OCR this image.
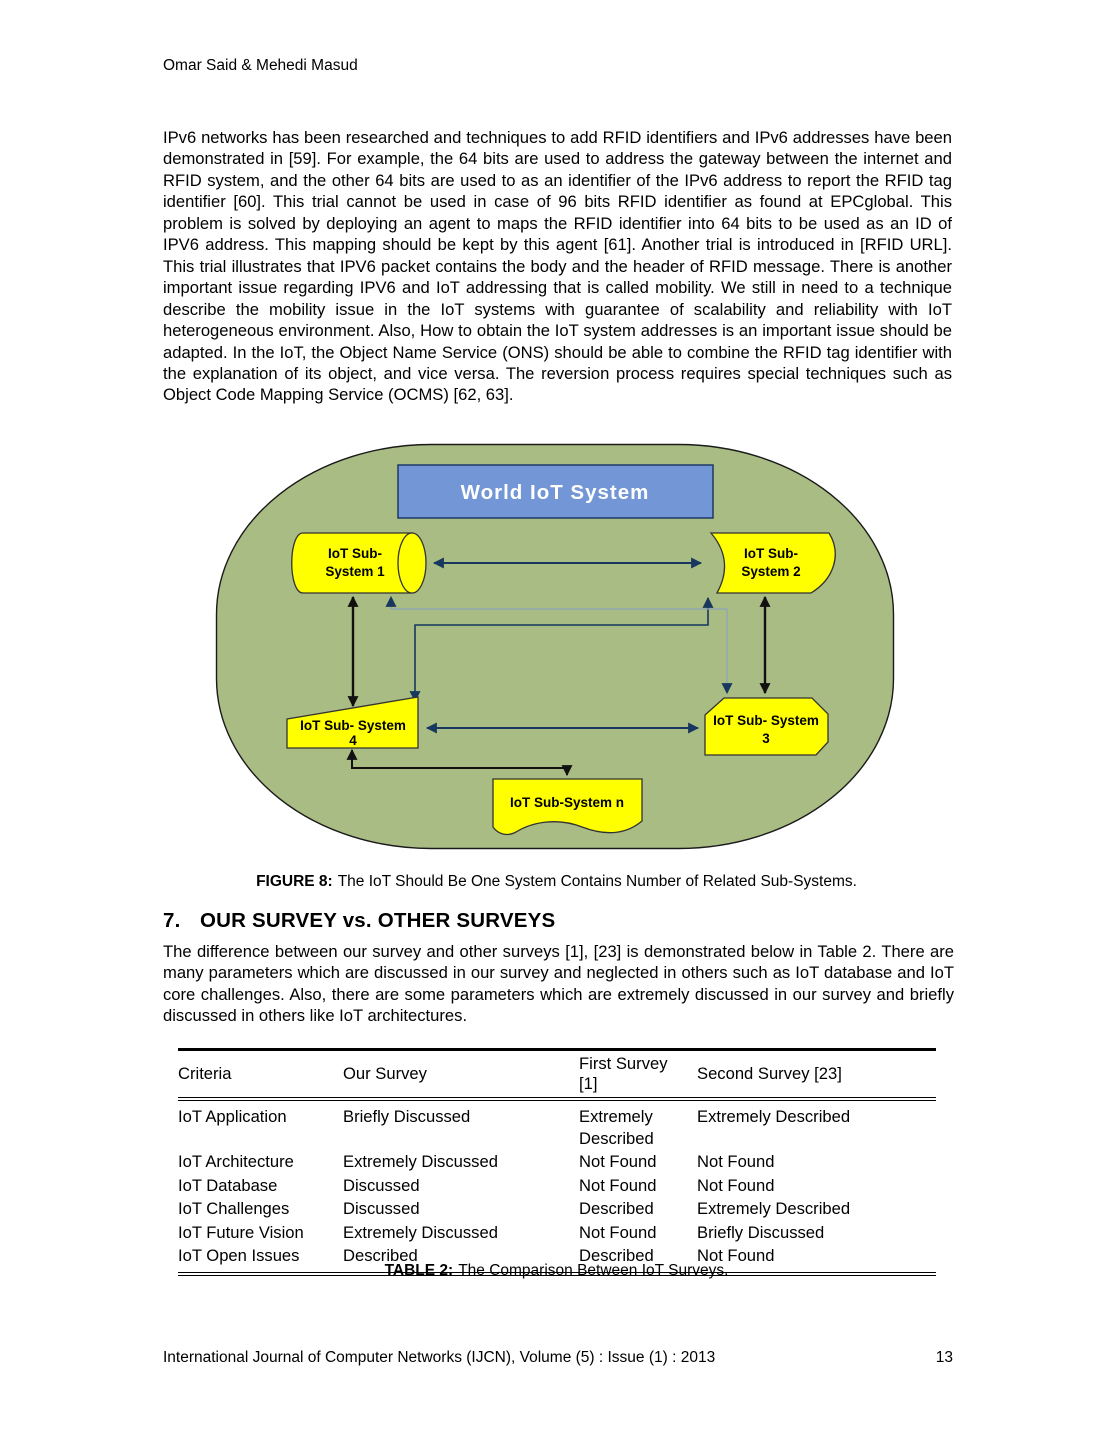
Omar Said & Mehedi Masud
IPv6 networks has been researched and techniques to add RFID identifiers and IPv6 addresses have been demonstrated in [59]. For example, the 64 bits are used to address the gateway between the internet and RFID system, and the other 64 bits are used to as an identifier of the IPv6 address to report the RFID tag identifier [60]. This trial cannot be used in case of 96 bits RFID identifier as found at EPCglobal. This problem is solved by deploying an agent to maps the RFID identifier into 64 bits to be used as an ID of IPV6 address. This mapping should be kept by this agent [61]. Another trial is introduced in [RFID URL]. This trial illustrates that IPV6 packet contains the body and the header of RFID message. There is another important issue regarding IPV6 and IoT addressing that is called mobility. We still in need to a technique describe the mobility issue in the IoT systems with guarantee of scalability and reliability with IoT heterogeneous environment. Also, How to obtain the IoT system addresses is an important issue should be adapted. In the IoT, the Object Name Service (ONS) should be able to combine the RFID tag identifier with the explanation of its object, and vice versa. The reversion process requires special techniques such as Object Code Mapping Service (OCMS) [62, 63].
World IoT System
IoT Sub-
System 1
IoT Sub-
System 2
IoT Sub- System
3
IoT Sub- System
4
IoT Sub-System n
FIGURE 8: The IoT Should Be One System Contains Number of Related Sub-Systems.
7. OUR SURVEY vs. OTHER SURVEYS
The difference between our survey and other surveys [1], [23] is demonstrated below in Table 2. There are many parameters which are discussed in our survey and neglected in others such as IoT database and IoT core challenges. Also, there are some parameters which are extremely discussed in our survey and briefly discussed in others like IoT architectures.
Criteria	Our Survey	First Survey [1]	Second Survey [23]
IoT Application	Briefly Discussed	Extremely Described	Extremely Described
IoT Architecture	Extremely Discussed	Not Found	Not Found
IoT Database	Discussed	Not Found	Not Found
IoT Challenges	Discussed	Described	Extremely Described
IoT Future Vision	Extremely Discussed	Not Found	Briefly Discussed
IoT Open Issues	Described	Described	Not Found
TABLE 2: The Comparison Between IoT Surveys.
International Journal of Computer Networks (IJCN), Volume (5) : Issue (1) : 2013	13
